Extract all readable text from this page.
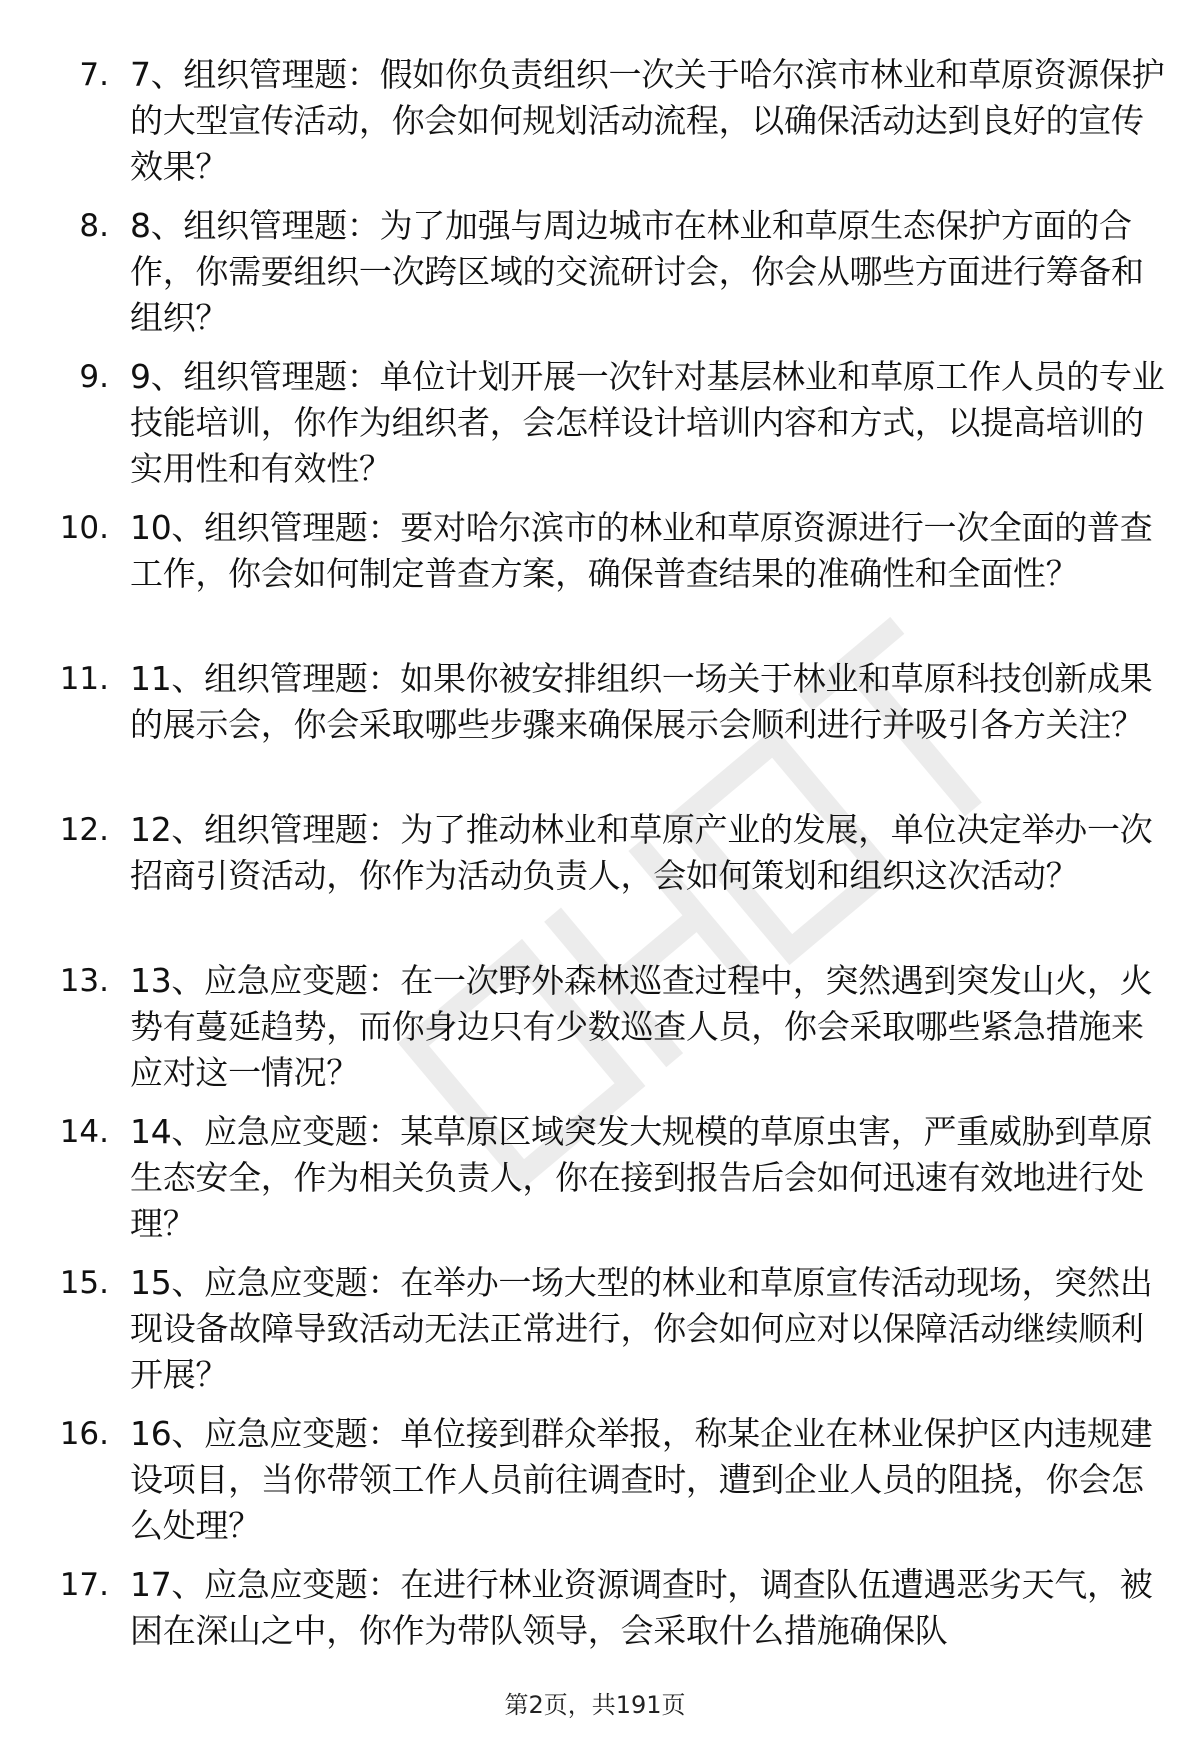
7. 7、组织管理题：假如你负责组织一次关于哈尔滨市林业和草原资源保护的大型宣传活动，你会如何规划活动流程，以确保活动达到良好的宣传效果？
8. 8、组织管理题：为了加强与周边城市在林业和草原生态保护方面的合作，你需要组织一次跨区域的交流研讨会，你会从哪些方面进行筹备和组织？
9. 9、组织管理题：单位计划开展一次针对基层林业和草原工作人员的专业技能培训，你作为组织者，会怎样设计培训内容和方式，以提高培训的实用性和有效性？
10. 10、组织管理题：要对哈尔滨市的林业和草原资源进行一次全面的普查工作，你会如何制定普查方案，确保普查结果的准确性和全面性？
11. 11、组织管理题：如果你被安排组织一场关于林业和草原科技创新成果的展示会，你会采取哪些步骤来确保展示会顺利进行并吸引各方关注？
12. 12、组织管理题：为了推动林业和草原产业的发展，单位决定举办一次招商引资活动，你作为活动负责人，会如何策划和组织这次活动？
13. 13、应急应变题：在一次野外森林巡查过程中，突然遇到突发山火，火势有蔓延趋势，而你身边只有少数巡查人员，你会采取哪些紧急措施来应对这一情况？
14. 14、应急应变题：某草原区域突发大规模的草原虫害，严重威胁到草原生态安全，作为相关负责人，你在接到报告后会如何迅速有效地进行处理？
15. 15、应急应变题：在举办一场大型的林业和草原宣传活动现场，突然出现设备故障导致活动无法正常进行，你会如何应对以保障活动继续顺利开展？
16. 16、应急应变题：单位接到群众举报，称某企业在林业保护区内违规建设项目，当你带领工作人员前往调查时，遭到企业人员的阻挠，你会怎么处理？
17. 17、应急应变题：在进行林业资源调查时，调查队伍遭遇恶劣天气，被困在深山之中，你作为带队领导，会采取什么措施确保队
第2页，共191页
